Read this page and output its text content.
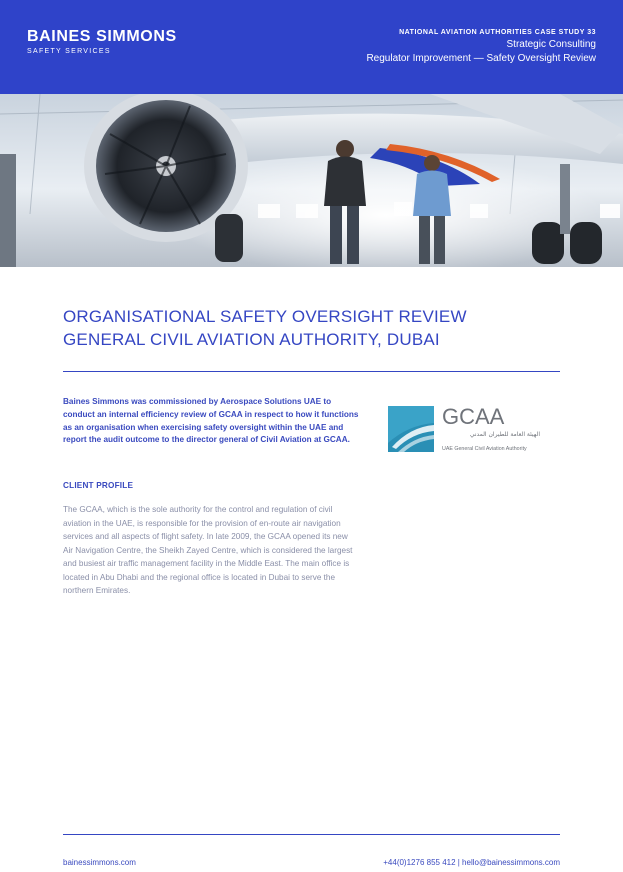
BAINES SIMMONS
SAFETY SERVICES
NATIONAL AVIATION AUTHORITIES CASE STUDY 33
Strategic Consulting
Regulator Improvement — Safety Oversight Review
ORGANISATIONAL SAFETY OVERSIGHT REVIEW
GENERAL CIVIL AVIATION AUTHORITY, DUBAI
Baines Simmons was commissioned by Aerospace Solutions UAE to conduct an internal efficiency review of GCAA in respect to how it functions as an organisation when exercising safety oversight within the UAE and report the audit outcome to the director general of Civil Aviation at GCAA.
CLIENT PROFILE
The GCAA, which is the sole authority for the control and regulation of civil aviation in the UAE, is responsible for the provision of en-route air navigation services and all aspects of flight safety. In late 2009, the GCAA opened its new Air Navigation Centre, the Sheikh Zayed Centre, which is considered the largest and busiest air traffic management facility in the Middle East. The main office is located in Abu Dhabi and the regional office is located in Dubai to serve the northern Emirates.
GCAA
الهيئة العامة للطيران المدني
UAE General Civil Aviation Authority
bainessimmons.com	+44(0)1276 855 412 | hello@bainessimmons.com
